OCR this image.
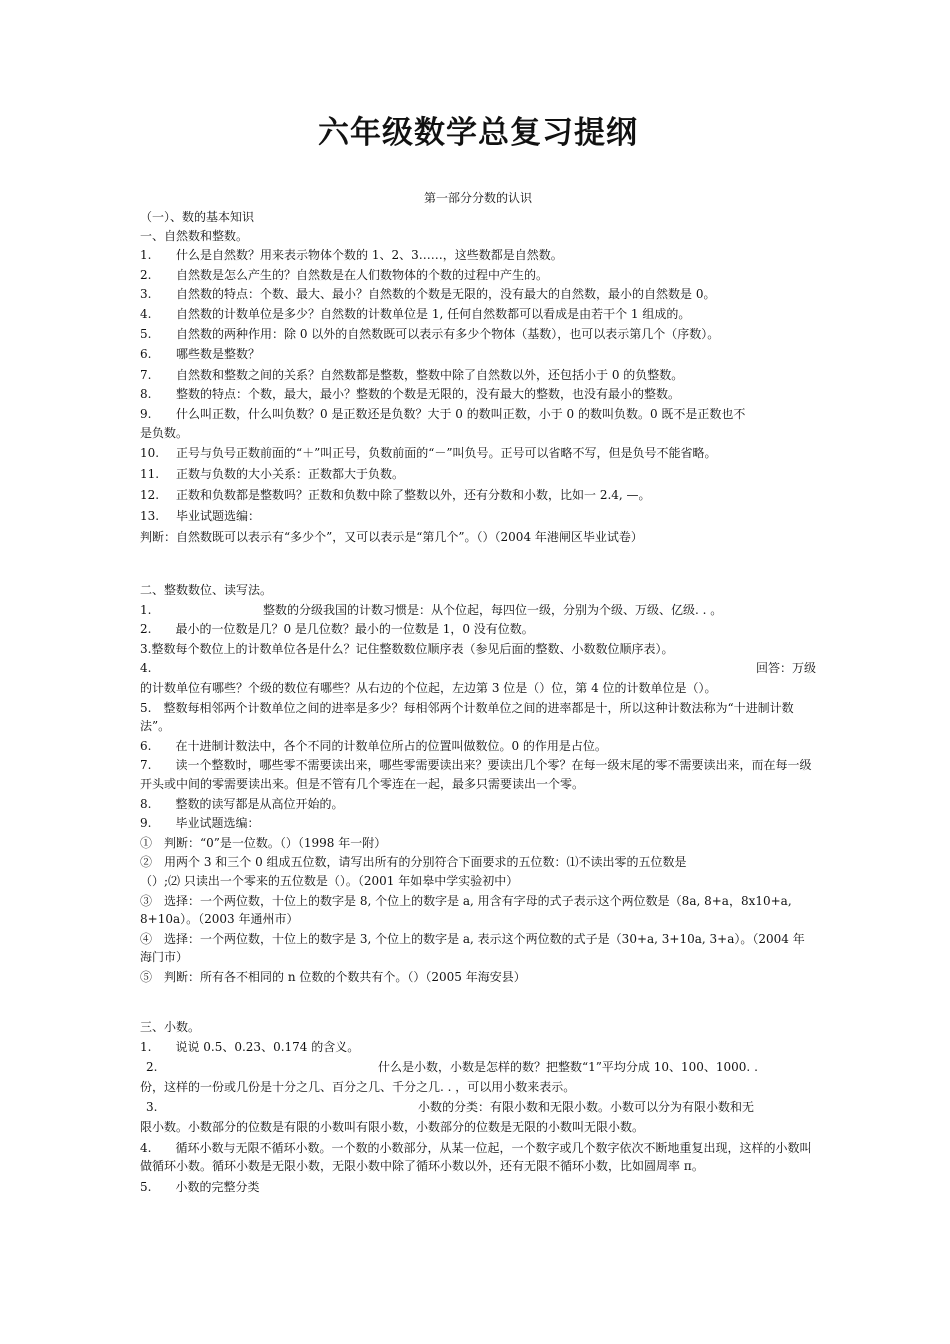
六年级数学总复习提纲
第一部分分数的认识
（一）、数的基本知识
一、自然数和整数。
1. 什么是自然数？用来表示物体个数的 1、2、3……，这些数都是自然数。
2. 自然数是怎么产生的？自然数是在人们数物体的个数的过程中产生的。
3. 自然数的特点：个数、最大、最小？自然数的个数是无限的，没有最大的自然数，最小的自然数是 0。
4. 自然数的计数单位是多少？自然数的计数单位是 1, 任何自然数都可以看成是由若干个 1 组成的。
5. 自然数的两种作用：除 0 以外的自然数既可以表示有多少个物体（基数），也可以表示第几个（序数）。
6. 哪些数是整数？
7. 自然数和整数之间的关系？自然数都是整数，整数中除了自然数以外，还包括小于 0 的负整数。
8. 整数的特点：个数，最大，最小？整数的个数是无限的，没有最大的整数，也没有最小的整数。
9. 什么叫正数，什么叫负数？0 是正数还是负数？大于 0 的数叫正数，小于 0 的数叫负数。0 既不是正数也不
是负数。
10. 正号与负号正数前面的“＋”叫正号，负数前面的“－”叫负号。正号可以省略不写，但是负号不能省略。
11. 正数与负数的大小关系：正数都大于负数。
12. 正数和负数都是整数吗？正数和负数中除了整数以外，还有分数和小数，比如一 2.4, —。
13. 毕业试题选编：
判断：自然数既可以表示有“多少个”，又可以表示是“第几个”。（）（2004 年港闸区毕业试卷）
二、整数数位、读写法。
1.	整数的分级我国的计数习惯是：从个位起，每四位一级，分别为个级、万级、亿级. . 。
2.　　最小的一位数是几？0 是几位数？最小的一位数是 1，0 没有位数。
3.整数每个数位上的计数单位各是什么？记住整数数位顺序表（参见后面的整数、小数数位顺序表）。
4.	回答：万级
的计数单位有哪些？个级的数位有哪些？从右边的个位起，左边第 3 位是（）位，第 4 位的计数单位是（）。
5.　整数每相邻两个计数单位之间的进率是多少？每相邻两个计数单位之间的进率都是十，所以这种计数法称为“十进制计数法”。
6.　　在十进制计数法中，各个不同的计数单位所占的位置叫做数位。0 的作用是占位。
7.　　读一个整数时，哪些零不需要读出来，哪些零需要读出来？要读出几个零？在每一级末尾的零不需要读出来，而在每一级开头或中间的零需要读出来。但是不管有几个零连在一起，最多只需要读出一个零。
8.　　整数的读写都是从高位开始的。
9.　　毕业试题选编：
①　判断：“0”是一位数。（）（1998 年一附）
②　用两个 3 和三个 0 组成五位数，请写出所有的分别符合下面要求的五位数：⑴不读出零的五位数是
（）;⑵ 只读出一个零来的五位数是（）。（2001 年如皋中学实验初中）
③　选择：一个两位数，十位上的数字是 8, 个位上的数字是 a, 用含有字母的式子表示这个两位数是（8a, 8+a，8x10+a, 8+10a）。（2003 年通州市）
④　选择：一个两位数，十位上的数字是 3, 个位上的数字是 a, 表示这个两位数的式子是（30+a, 3+10a, 3+a）。（2004 年海门市）
⑤　判断：所有各不相同的 n 位数的个数共有个。（）（2005 年海安县）
三、小数。
1.　　说说 0.5、0.23、0.174 的含义。
2.	什么是小数，小数是怎样的数？把整数“1”平均分成 10、100、1000. .
份，这样的一份或几份是十分之几、百分之几、千分之几. . ，可以用小数来表示。
3.	小数的分类：有限小数和无限小数。小数可以分为有限小数和无
限小数。小数部分的位数是有限的小数叫有限小数，小数部分的位数是无限的小数叫无限小数。
4.　　循环小数与无限不循环小数。一个数的小数部分，从某一位起，一个数字或几个数字依次不断地重复出现，这样的小数叫做循环小数。循环小数是无限小数，无限小数中除了循环小数以外，还有无限不循环小数，比如圆周率 п。
5.　　小数的完整分类
